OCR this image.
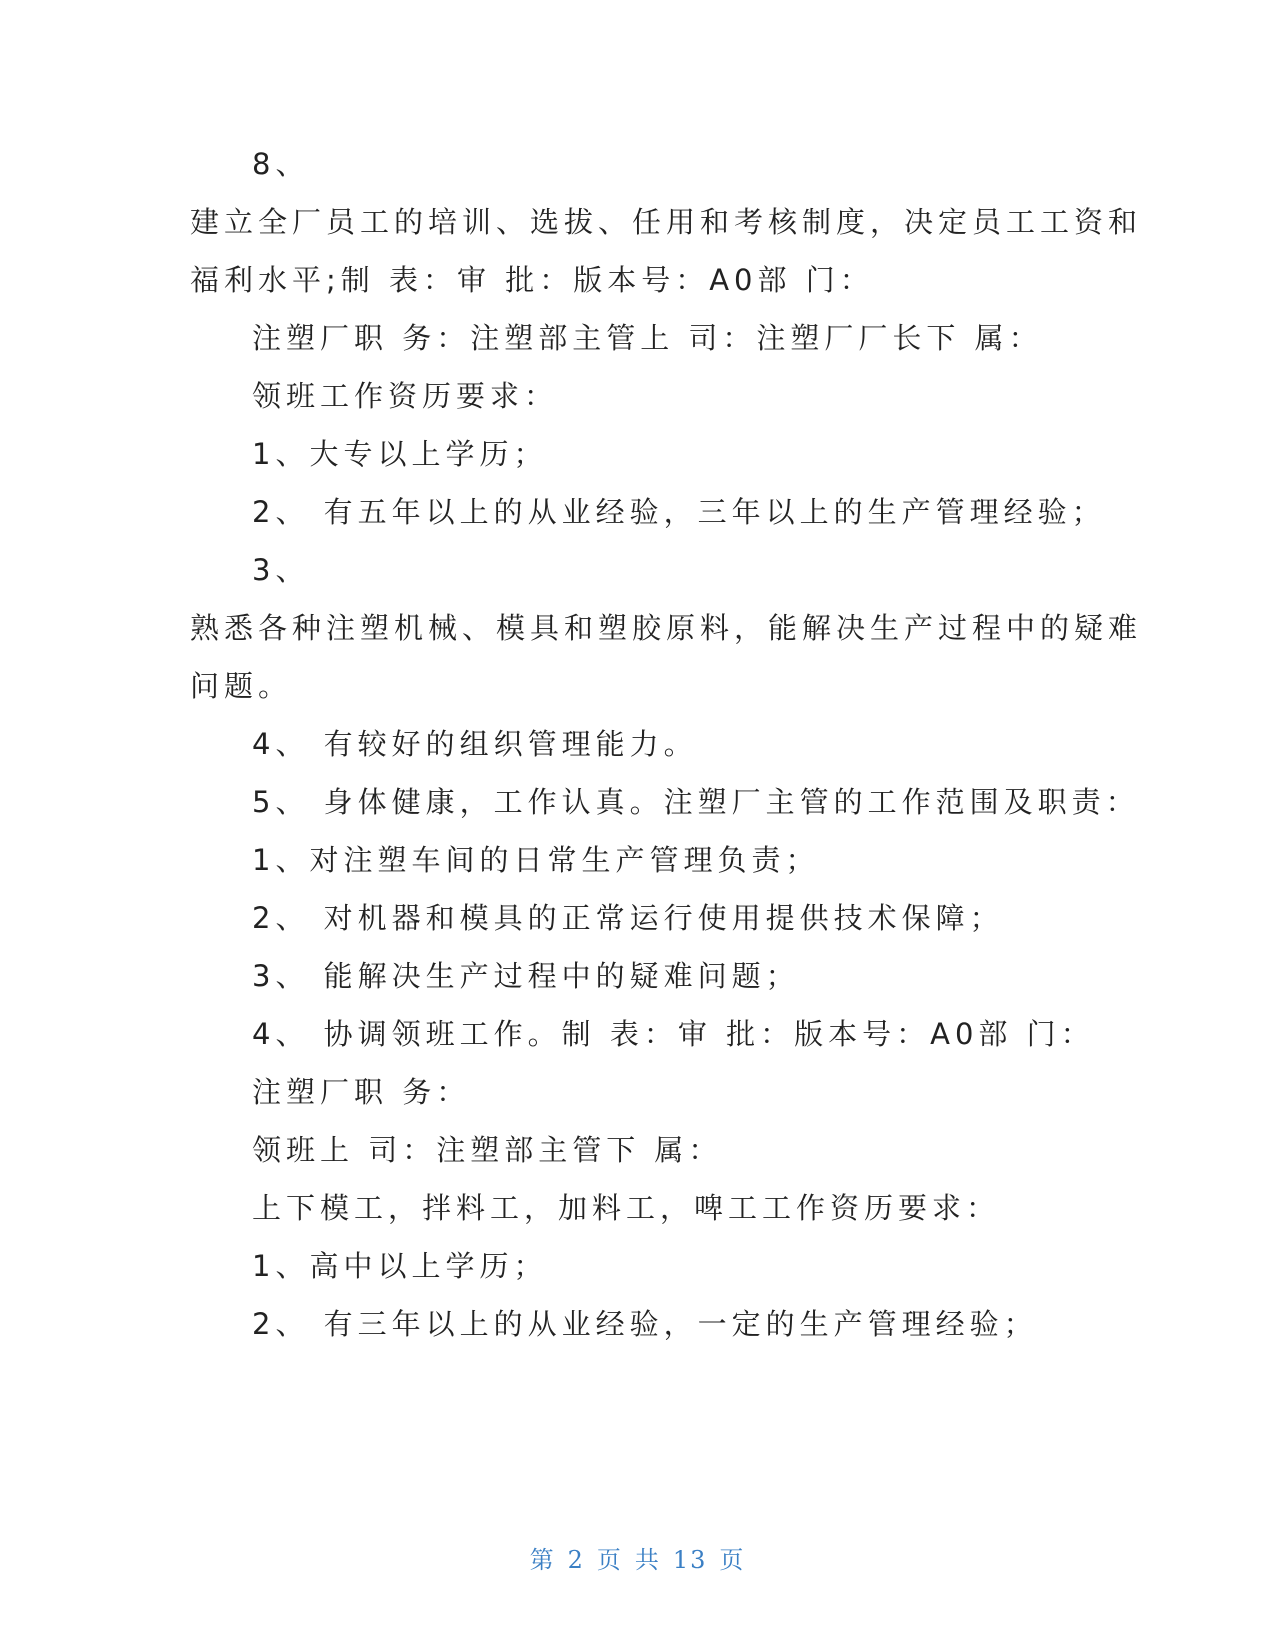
8、
建立全厂员工的培训、选拔、任用和考核制度，决定员工工资和
福利水平;制 表：审 批：版本号：A0部 门：
注塑厂职 务：注塑部主管上 司：注塑厂厂长下 属：
领班工作资历要求：
1、大专以上学历；
2、 有五年以上的从业经验，三年以上的生产管理经验；
3、
熟悉各种注塑机械、模具和塑胶原料，能解决生产过程中的疑难
问题。
4、 有较好的组织管理能力。
5、 身体健康，工作认真。注塑厂主管的工作范围及职责：
1、对注塑车间的日常生产管理负责；
2、 对机器和模具的正常运行使用提供技术保障；
3、 能解决生产过程中的疑难问题；
4、 协调领班工作。制 表：审 批：版本号：A0部 门：
注塑厂职 务：
领班上 司：注塑部主管下 属：
上下模工，拌料工，加料工，啤工工作资历要求：
1、高中以上学历；
2、 有三年以上的从业经验，一定的生产管理经验；
第 2 页 共 13 页
